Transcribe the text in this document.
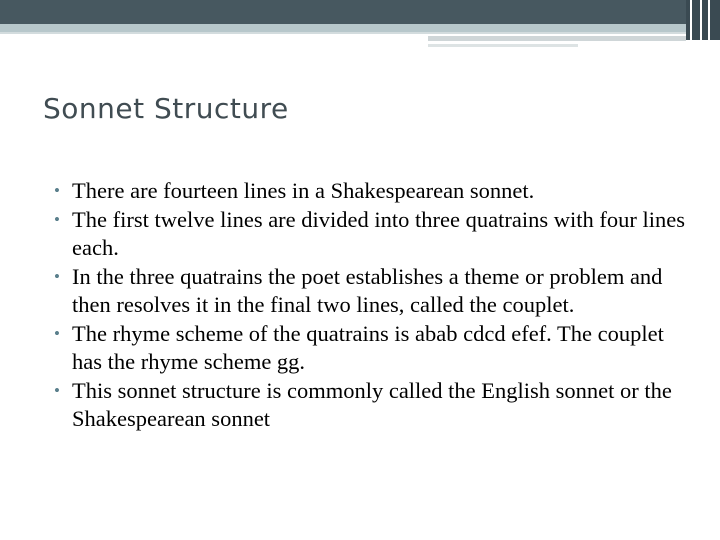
Sonnet Structure
• There are fourteen lines in a Shakespearean sonnet.
• The first twelve lines are divided into three quatrains with four lines each.
• In the three quatrains the poet establishes a theme or problem and then resolves it in the final two lines, called the couplet.
• The rhyme scheme of the quatrains is abab cdcd efef. The couplet has the rhyme scheme gg.
• This sonnet structure is commonly called the English sonnet or the Shakespearean sonnet
